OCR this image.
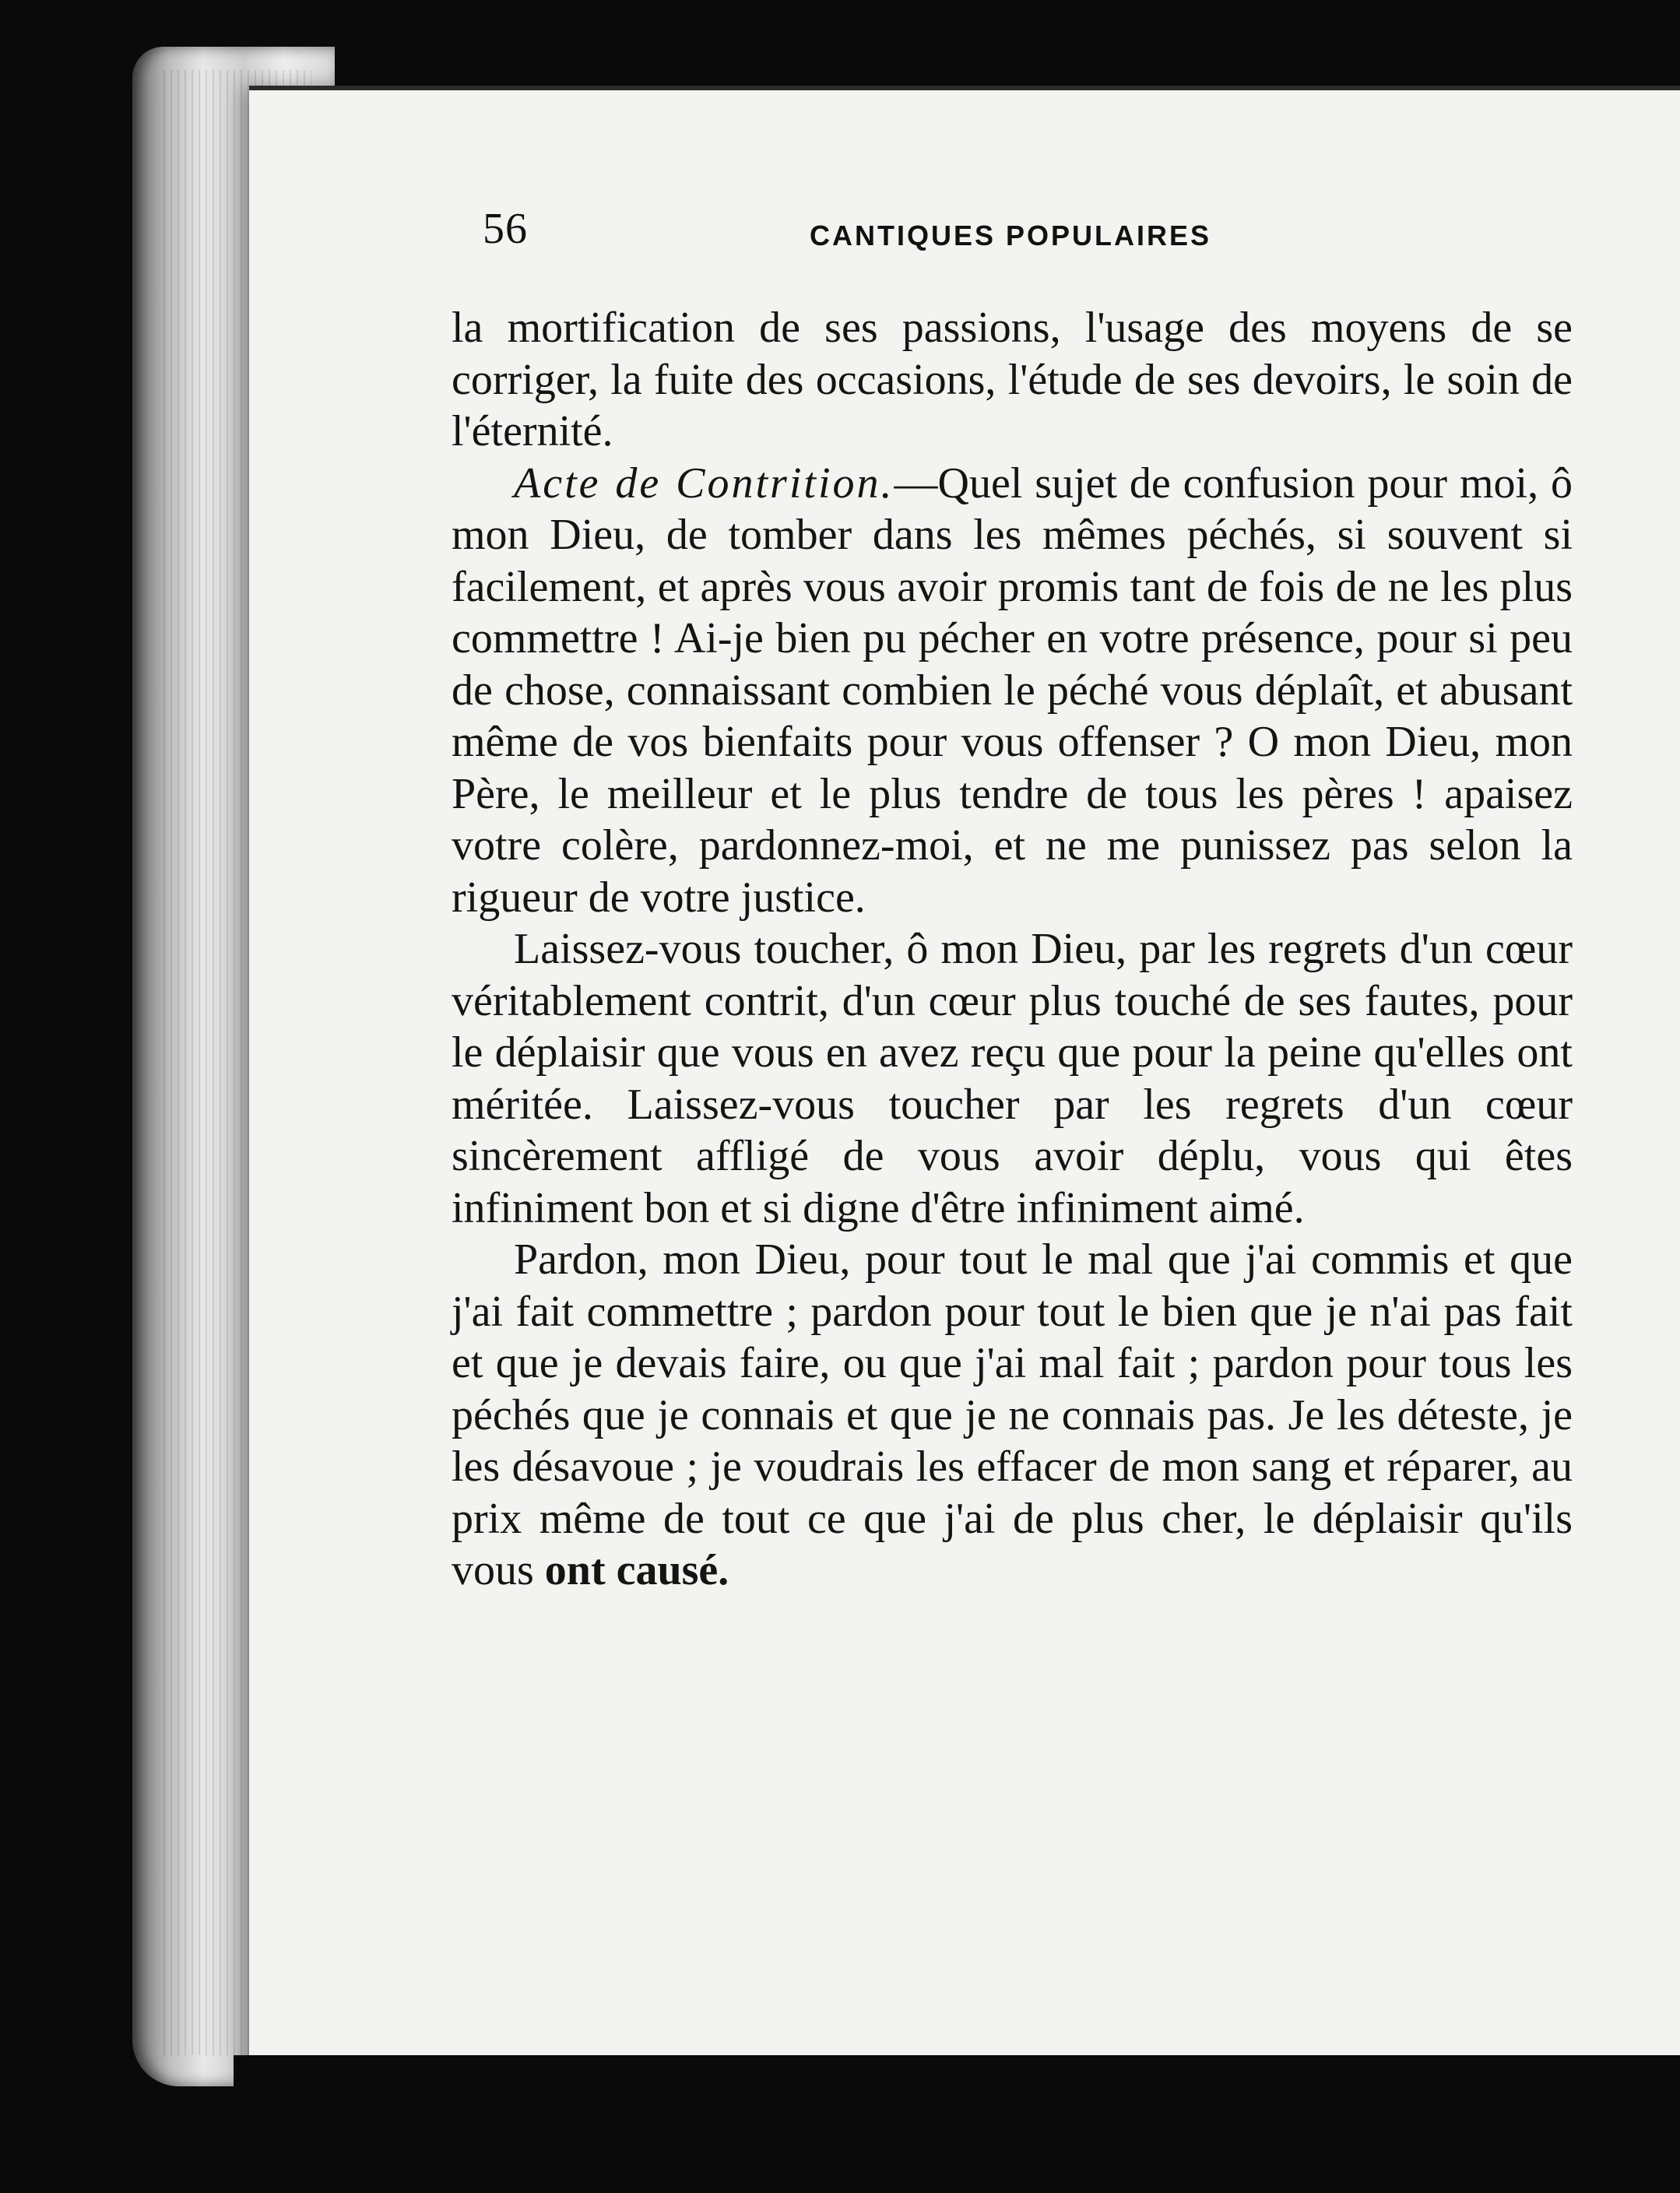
56	CANTIQUES POPULAIRES

la mortification de ses passions, l'usage des moyens de se corriger, la fuite des occasions, l'étude de ses devoirs, le soin de l'éternité.

Acte de Contrition.—Quel sujet de confusion pour moi, ô mon Dieu, de tomber dans les mêmes péchés, si souvent si facilement, et après vous avoir promis tant de fois de ne les plus commettre ! Ai-je bien pu pécher en votre présence, pour si peu de chose, connaissant combien le péché vous déplaît, et abusant même de vos bienfaits pour vous offenser ? O mon Dieu, mon Père, le meilleur et le plus tendre de tous les pères ! apaisez votre colère, pardonnez-moi, et ne me punissez pas selon la rigueur de votre justice.

Laissez-vous toucher, ô mon Dieu, par les regrets d'un cœur véritablement contrit, d'un cœur plus touché de ses fautes, pour le déplaisir que vous en avez reçu que pour la peine qu'elles ont méritée. Laissez-vous toucher par les regrets d'un cœur sincèrement affligé de vous avoir déplu, vous qui êtes infiniment bon et si digne d'être infiniment aimé.

Pardon, mon Dieu, pour tout le mal que j'ai commis et que j'ai fait commettre ; pardon pour tout le bien que je n'ai pas fait et que je devais faire, ou que j'ai mal fait ; pardon pour tous les péchés que je connais et que je ne connais pas. Je les déteste, je les désavoue ; je voudrais les effacer de mon sang et réparer, au prix même de tout ce que j'ai de plus cher, le déplaisir qu'ils vous ont causé.
